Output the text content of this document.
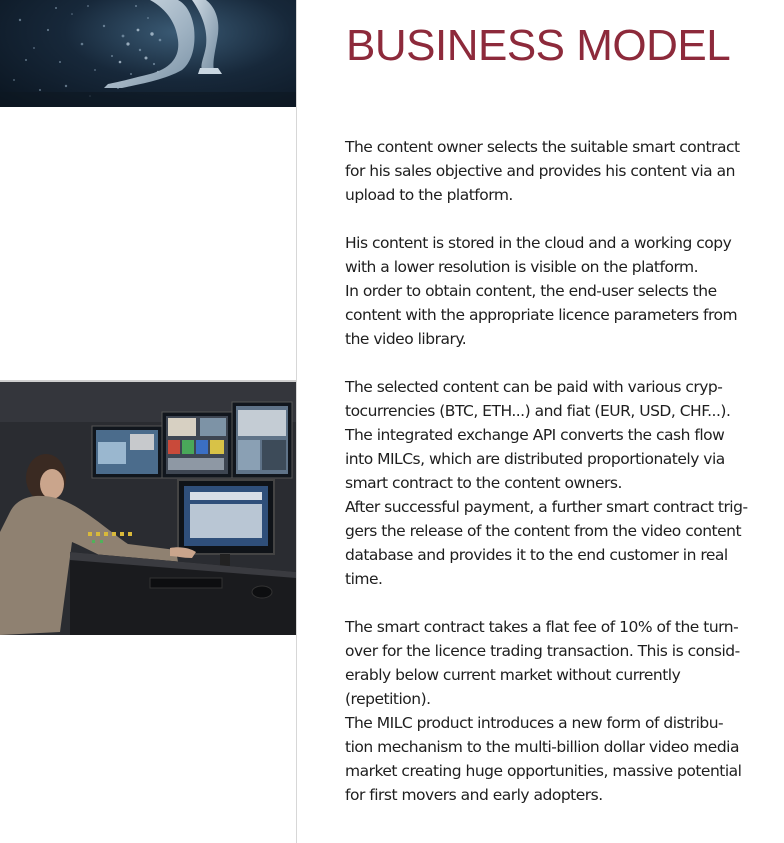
BUSINESS MODEL

The content owner selects the suitable smart contract
for his sales objective and provides his content via an
upload to the platform.

His content is stored in the cloud and a working copy
with a lower resolution is visible on the platform.
In order to obtain content, the end-user selects the
content with the appropriate licence parameters from
the video library.

The selected content can be paid with various cryp-
tocurrencies (BTC, ETH...) and fiat (EUR, USD, CHF...).
The integrated exchange API converts the cash flow
into MILCs, which are distributed proportionately via
smart contract to the content owners.
After successful payment, a further smart contract trig-
gers the release of the content from the video content
database and provides it to the end customer in real
time.

The smart contract takes a flat fee of 10% of the turn-
over for the licence trading transaction. This is consid-
erably below current market without currently
(repetition).
The MILC product introduces a new form of distribu-
tion mechanism to the multi-billion dollar video media
market creating huge opportunities, massive potential
for first movers and early adopters.
